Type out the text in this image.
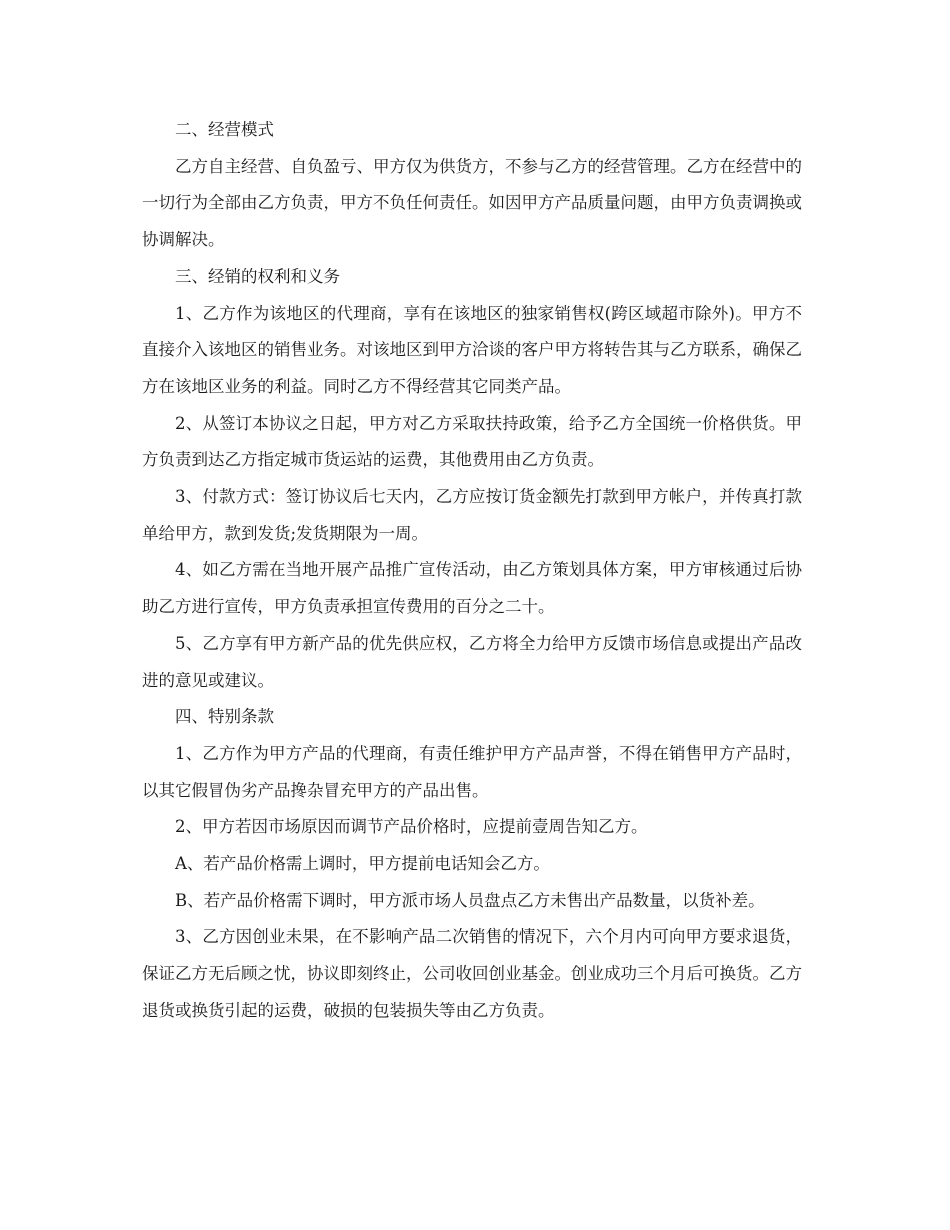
二、经营模式

乙方自主经营、自负盈亏、甲方仅为供货方，不参与乙方的经营管理。乙方在经营中的一切行为全部由乙方负责，甲方不负任何责任。如因甲方产品质量问题，由甲方负责调换或协调解决。

三、经销的权利和义务

1、乙方作为该地区的代理商，享有在该地区的独家销售权(跨区域超市除外)。甲方不直接介入该地区的销售业务。对该地区到甲方洽谈的客户甲方将转告其与乙方联系，确保乙方在该地区业务的利益。同时乙方不得经营其它同类产品。

2、从签订本协议之日起，甲方对乙方采取扶持政策，给予乙方全国统一价格供货。甲方负责到达乙方指定城市货运站的运费，其他费用由乙方负责。

3、付款方式：签订协议后七天内，乙方应按订货金额先打款到甲方帐户，并传真打款单给甲方，款到发货;发货期限为一周。

4、如乙方需在当地开展产品推广宣传活动，由乙方策划具体方案，甲方审核通过后协助乙方进行宣传，甲方负责承担宣传费用的百分之二十。

5、乙方享有甲方新产品的优先供应权，乙方将全力给甲方反馈市场信息或提出产品改进的意见或建议。

四、特别条款

1、乙方作为甲方产品的代理商，有责任维护甲方产品声誉，不得在销售甲方产品时，以其它假冒伪劣产品搀杂冒充甲方的产品出售。

2、甲方若因市场原因而调节产品价格时，应提前壹周告知乙方。

A、若产品价格需上调时，甲方提前电话知会乙方。

B、若产品价格需下调时，甲方派市场人员盘点乙方未售出产品数量，以货补差。

3、乙方因创业未果，在不影响产品二次销售的情况下，六个月内可向甲方要求退货，保证乙方无后顾之忧，协议即刻终止，公司收回创业基金。创业成功三个月后可换货。乙方退货或换货引起的运费，破损的包装损失等由乙方负责。
